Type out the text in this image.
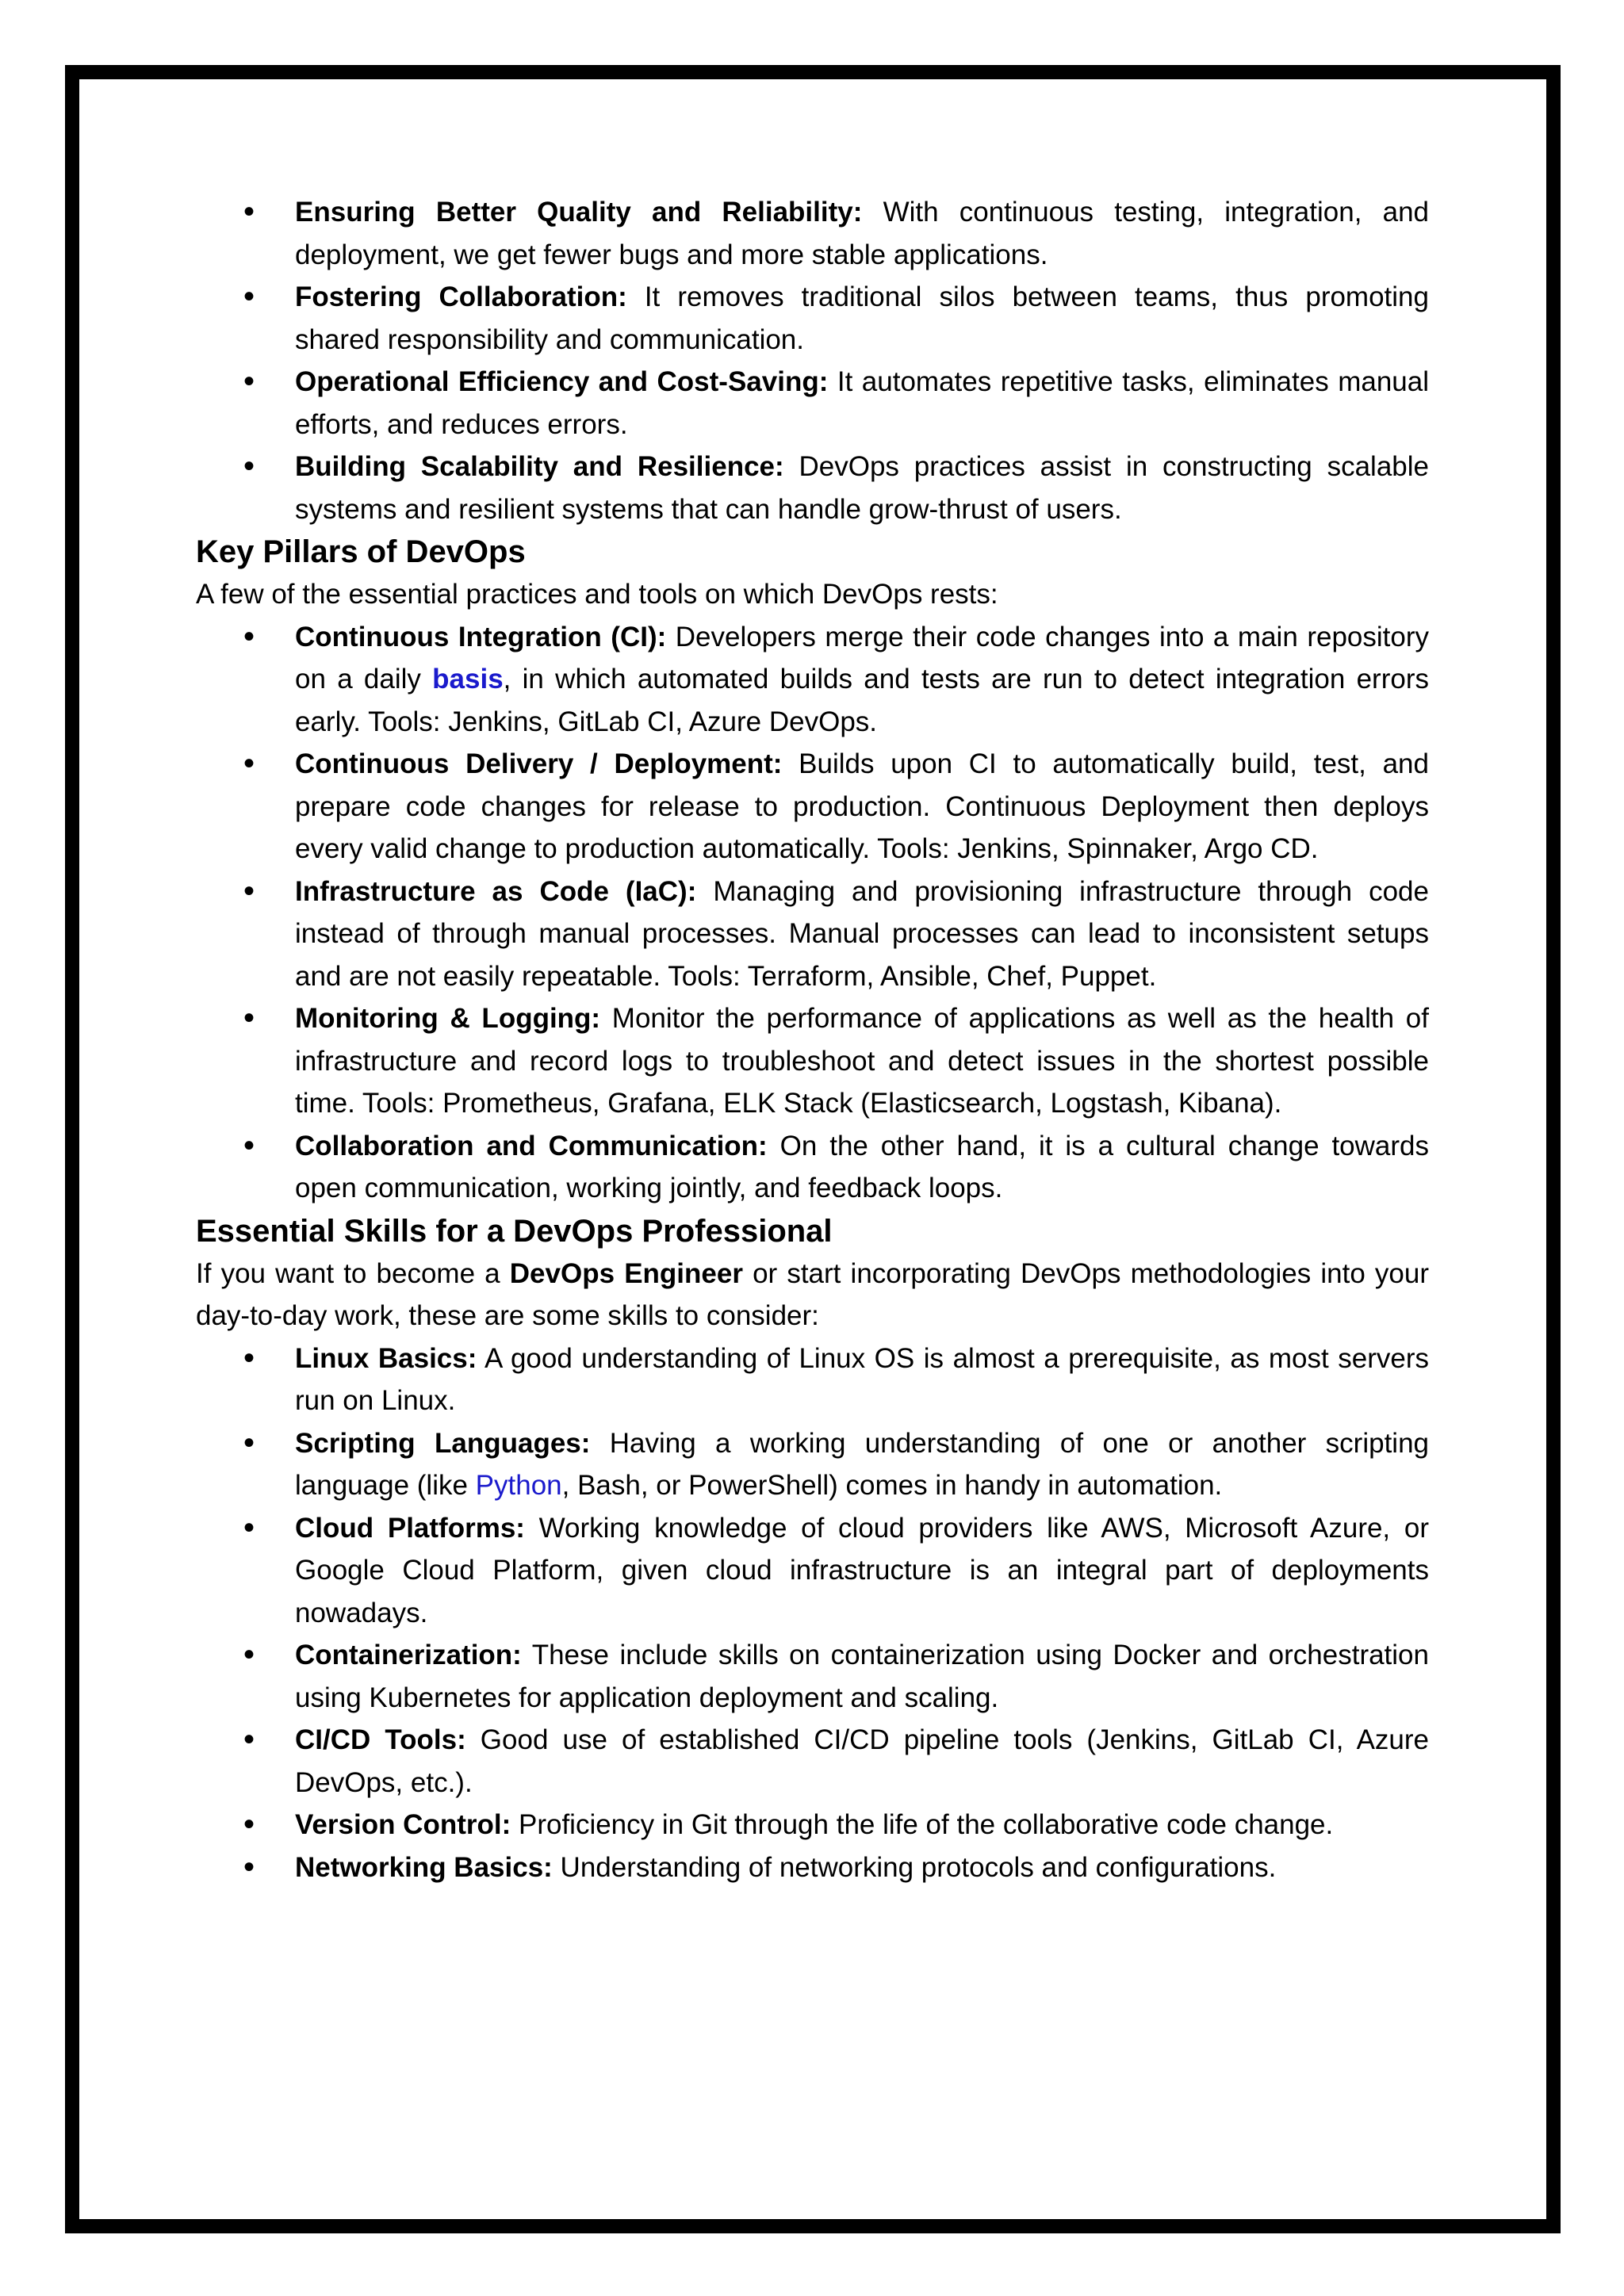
• Ensuring Better Quality and Reliability: With continuous testing, integration, and deployment, we get fewer bugs and more stable applications.
• Fostering Collaboration: It removes traditional silos between teams, thus promoting shared responsibility and communication.
• Operational Efficiency and Cost-Saving: It automates repetitive tasks, eliminates manual efforts, and reduces errors.
• Building Scalability and Resilience: DevOps practices assist in constructing scalable systems and resilient systems that can handle grow-thrust of users.
Key Pillars of DevOps

A few of the essential practices and tools on which DevOps rests:

• Continuous Integration (CI): Developers merge their code changes into a main repository on a daily basis, in which automated builds and tests are run to detect integration errors early. Tools: Jenkins, GitLab CI, Azure DevOps.
• Continuous Delivery / Deployment: Builds upon CI to automatically build, test, and prepare code changes for release to production. Continuous Deployment then deploys every valid change to production automatically. Tools: Jenkins, Spinnaker, Argo CD.
• Infrastructure as Code (IaC): Managing and provisioning infrastructure through code instead of through manual processes. Manual processes can lead to inconsistent setups and are not easily repeatable. Tools: Terraform, Ansible, Chef, Puppet.
• Monitoring & Logging: Monitor the performance of applications as well as the health of infrastructure and record logs to troubleshoot and detect issues in the shortest possible time. Tools: Prometheus, Grafana, ELK Stack (Elasticsearch, Logstash, Kibana).
• Collaboration and Communication: On the other hand, it is a cultural change towards open communication, working jointly, and feedback loops.
Essential Skills for a DevOps Professional

If you want to become a DevOps Engineer or start incorporating DevOps methodologies into your day-to-day work, these are some skills to consider:

• Linux Basics: A good understanding of Linux OS is almost a prerequisite, as most servers run on Linux.
• Scripting Languages: Having a working understanding of one or another scripting language (like Python, Bash, or PowerShell) comes in handy in automation.
• Cloud Platforms: Working knowledge of cloud providers like AWS, Microsoft Azure, or Google Cloud Platform, given cloud infrastructure is an integral part of deployments nowadays.
• Containerization: These include skills on containerization using Docker and orchestration using Kubernetes for application deployment and scaling.
• CI/CD Tools: Good use of established CI/CD pipeline tools (Jenkins, GitLab CI, Azure DevOps, etc.).
• Version Control: Proficiency in Git through the life of the collaborative code change.
• Networking Basics: Understanding of networking protocols and configurations.
